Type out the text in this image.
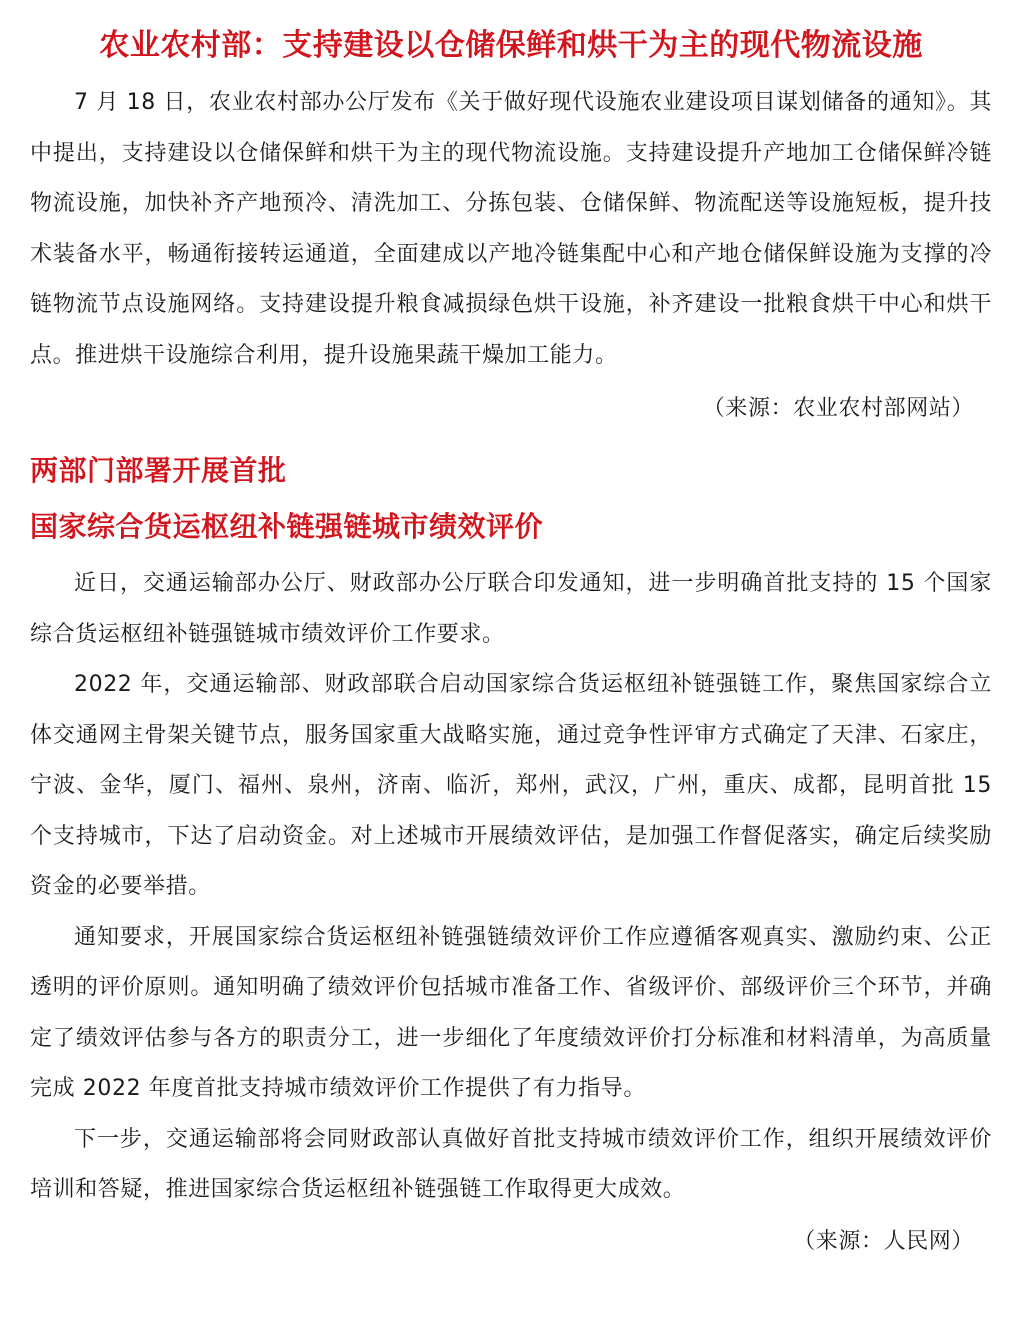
农业农村部：支持建设以仓储保鲜和烘干为主的现代物流设施

7 月 18 日，农业农村部办公厅发布《关于做好现代设施农业建设项目谋划储备的通知》。其中提出，支持建设以仓储保鲜和烘干为主的现代物流设施。支持建设提升产地加工仓储保鲜冷链物流设施，加快补齐产地预冷、清洗加工、分拣包装、仓储保鲜、物流配送等设施短板，提升技术装备水平，畅通衔接转运通道，全面建成以产地冷链集配中心和产地仓储保鲜设施为支撑的冷链物流节点设施网络。支持建设提升粮食减损绿色烘干设施，补齐建设一批粮食烘干中心和烘干点。推进烘干设施综合利用，提升设施果蔬干燥加工能力。

（来源：农业农村部网站）

两部门部署开展首批
国家综合货运枢纽补链强链城市绩效评价

近日，交通运输部办公厅、财政部办公厅联合印发通知，进一步明确首批支持的 15 个国家综合货运枢纽补链强链城市绩效评价工作要求。

2022 年，交通运输部、财政部联合启动国家综合货运枢纽补链强链工作，聚焦国家综合立体交通网主骨架关键节点，服务国家重大战略实施，通过竞争性评审方式确定了天津、石家庄，宁波、金华，厦门、福州、泉州，济南、临沂，郑州，武汉，广州，重庆、成都，昆明首批 15 个支持城市，下达了启动资金。对上述城市开展绩效评估，是加强工作督促落实，确定后续奖励资金的必要举措。

通知要求，开展国家综合货运枢纽补链强链绩效评价工作应遵循客观真实、激励约束、公正透明的评价原则。通知明确了绩效评价包括城市准备工作、省级评价、部级评价三个环节，并确定了绩效评估参与各方的职责分工，进一步细化了年度绩效评价打分标准和材料清单，为高质量完成 2022 年度首批支持城市绩效评价工作提供了有力指导。

下一步，交通运输部将会同财政部认真做好首批支持城市绩效评价工作，组织开展绩效评价培训和答疑，推进国家综合货运枢纽补链强链工作取得更大成效。

（来源：人民网）
